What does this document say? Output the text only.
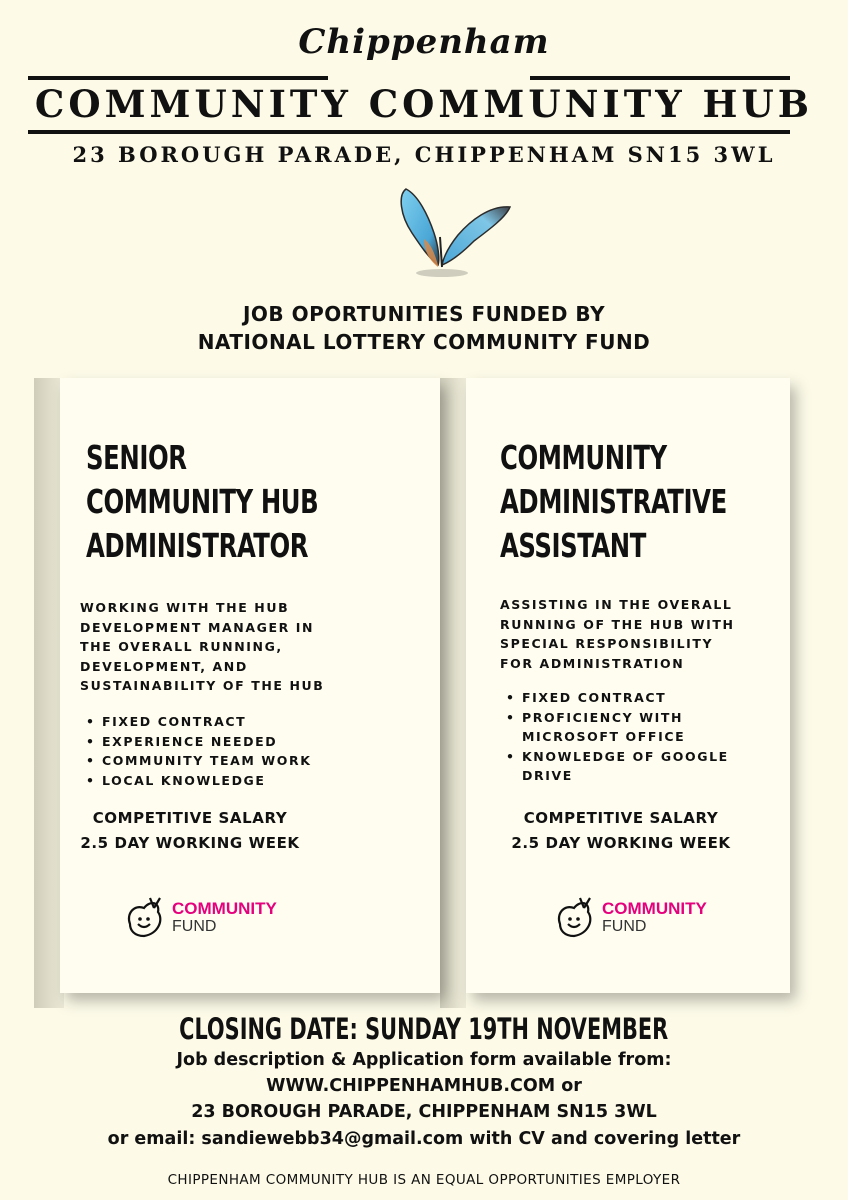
Chippenham
COMMUNITY COMMUNITY HUB
23 BOROUGH PARADE, CHIPPENHAM SN15 3WL
JOB OPORTUNITIES FUNDED BY
NATIONAL LOTTERY COMMUNITY FUND
SENIOR
COMMUNITY HUB
ADMINISTRATOR
WORKING WITH THE HUB
DEVELOPMENT MANAGER IN
THE OVERALL RUNNING,
DEVELOPMENT, AND
SUSTAINABILITY OF THE HUB
• FIXED CONTRACT
• EXPERIENCE NEEDED
• COMMUNITY TEAM WORK
• LOCAL KNOWLEDGE
COMPETITIVE SALARY
2.5 DAY WORKING WEEK
COMMUNITY
FUND
COMMUNITY
ADMINISTRATIVE
ASSISTANT
ASSISTING IN THE OVERALL
RUNNING OF THE HUB WITH
SPECIAL RESPONSIBILITY
FOR ADMINISTRATION
• FIXED CONTRACT
• PROFICIENCY WITH MICROSOFT OFFICE
• KNOWLEDGE OF GOOGLE DRIVE
COMPETITIVE SALARY
2.5 DAY WORKING WEEK
COMMUNITY
FUND
CLOSING DATE: SUNDAY 19TH NOVEMBER
Job description & Application form available from:
WWW.CHIPPENHAMHUB.COM or
23 BOROUGH PARADE, CHIPPENHAM SN15 3WL
or email: sandiewebb34@gmail.com with CV and covering letter
CHIPPENHAM COMMUNITY HUB IS AN EQUAL OPPORTUNITIES EMPLOYER
